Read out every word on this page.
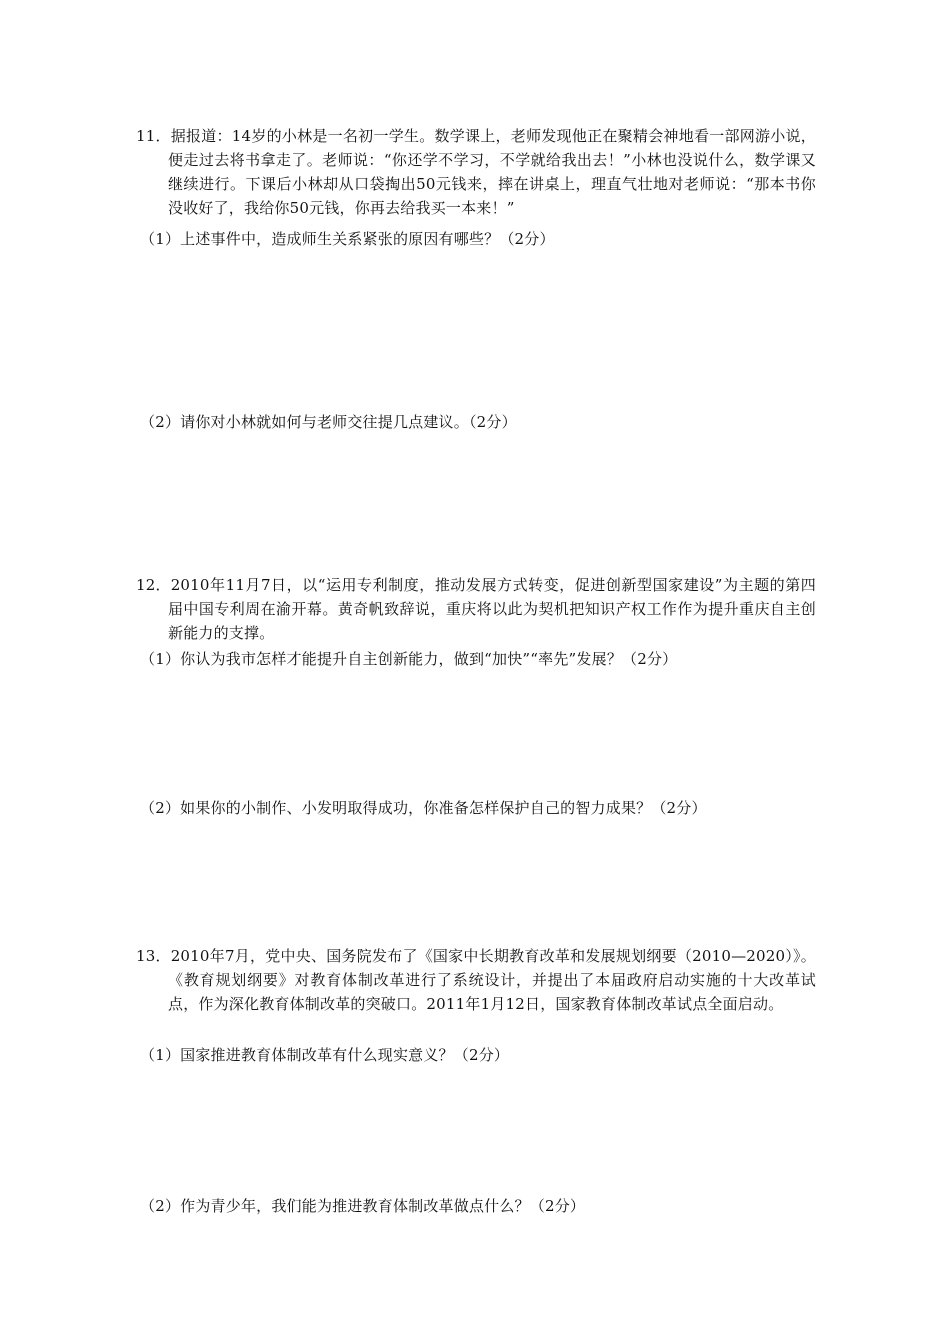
11．据报道：14岁的小林是一名初一学生。数学课上，老师发现他正在聚精会神地看一部网游小说，便走过去将书拿走了。老师说：“你还学不学习，不学就给我出去！”小林也没说什么，数学课又继续进行。下课后小林却从口袋掏出50元钱来，摔在讲桌上，理直气壮地对老师说：“那本书你没收好了，我给你50元钱，你再去给我买一本来！”

（1）上述事件中，造成师生关系紧张的原因有哪些？（2分）

（2）请你对小林就如何与老师交往提几点建议。（2分）

12．2010年11月7日，以“运用专利制度，推动发展方式转变，促进创新型国家建设”为主题的第四届中国专利周在渝开幕。黄奇帆致辞说，重庆将以此为契机把知识产权工作作为提升重庆自主创新能力的支撑。

（1）你认为我市怎样才能提升自主创新能力，做到“加快”“率先”发展？（2分）

（2）如果你的小制作、小发明取得成功，你准备怎样保护自己的智力成果？（2分）

13．2010年7月，党中央、国务院发布了《国家中长期教育改革和发展规划纲要（2010—2020）》。《教育规划纲要》对教育体制改革进行了系统设计，并提出了本届政府启动实施的十大改革试点，作为深化教育体制改革的突破口。2011年1月12日，国家教育体制改革试点全面启动。

（1）国家推进教育体制改革有什么现实意义？（2分）

（2）作为青少年，我们能为推进教育体制改革做点什么？（2分）
